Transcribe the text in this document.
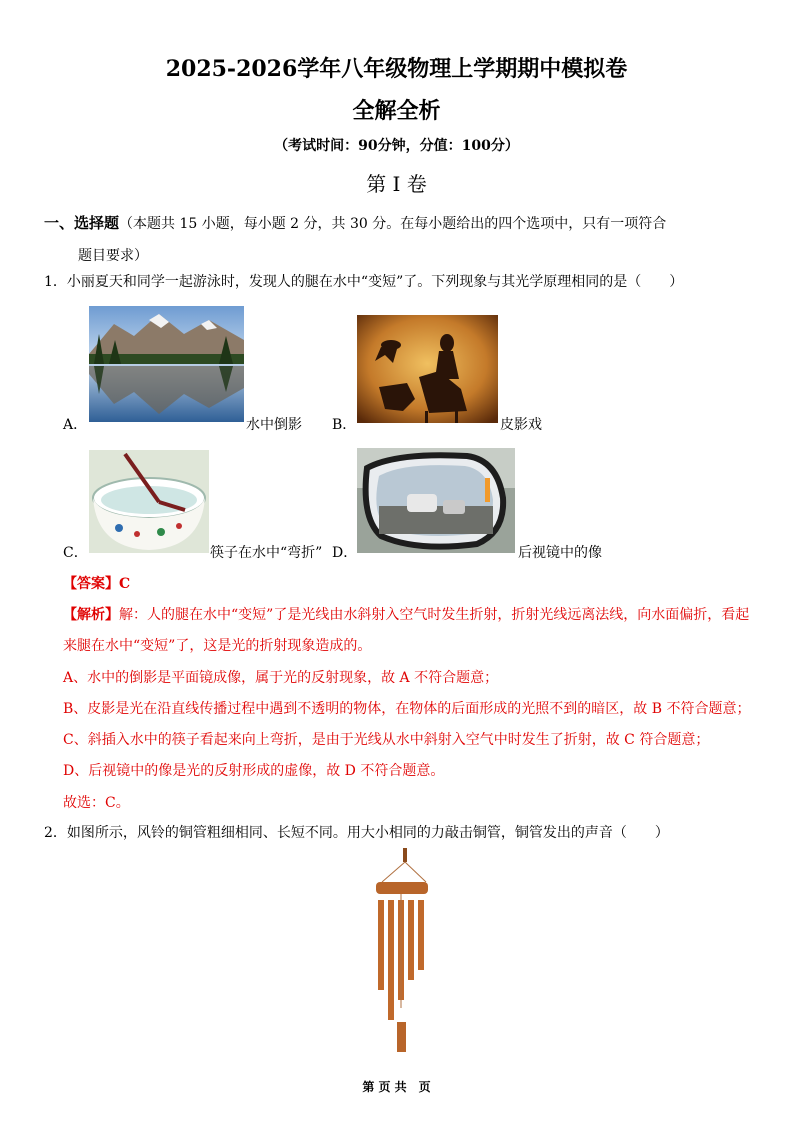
2025-2026学年八年级物理上学期期中模拟卷
全解全析
（考试时间：90分钟，分值：100分）
第 I 卷
一、选择题（本题共 15 小题，每小题 2 分，共 30 分。在每小题给出的四个选项中，只有一项符合
题目要求）
1．小丽夏天和同学一起游泳时，发现人的腿在水中“变短”了。下列现象与其光学原理相同的是（　　）
A．	水中倒影 B．	皮影戏
C．	筷子在水中“弯折” D．	后视镜中的像
【答案】C
【解析】解：人的腿在水中“变短”了是光线由水斜射入空气时发生折射，折射光线远离法线，向水面偏折，看起
来腿在水中“变短”了，这是光的折射现象造成的。
A、水中的倒影是平面镜成像，属于光的反射现象，故 A 不符合题意；
B、皮影是光在沿直线传播过程中遇到不透明的物体，在物体的后面形成的光照不到的暗区，故 B 不符合题意；
C、斜插入水中的筷子看起来向上弯折，是由于光线从水中斜射入空气中时发生了折射，故 C 符合题意；
D、后视镜中的像是光的反射形成的虚像，故 D 不符合题意。
故选：C。
2．如图所示，风铃的铜管粗细相同、长短不同。用大小相同的力敲击铜管，铜管发出的声音（　　）
第 页 共　页
